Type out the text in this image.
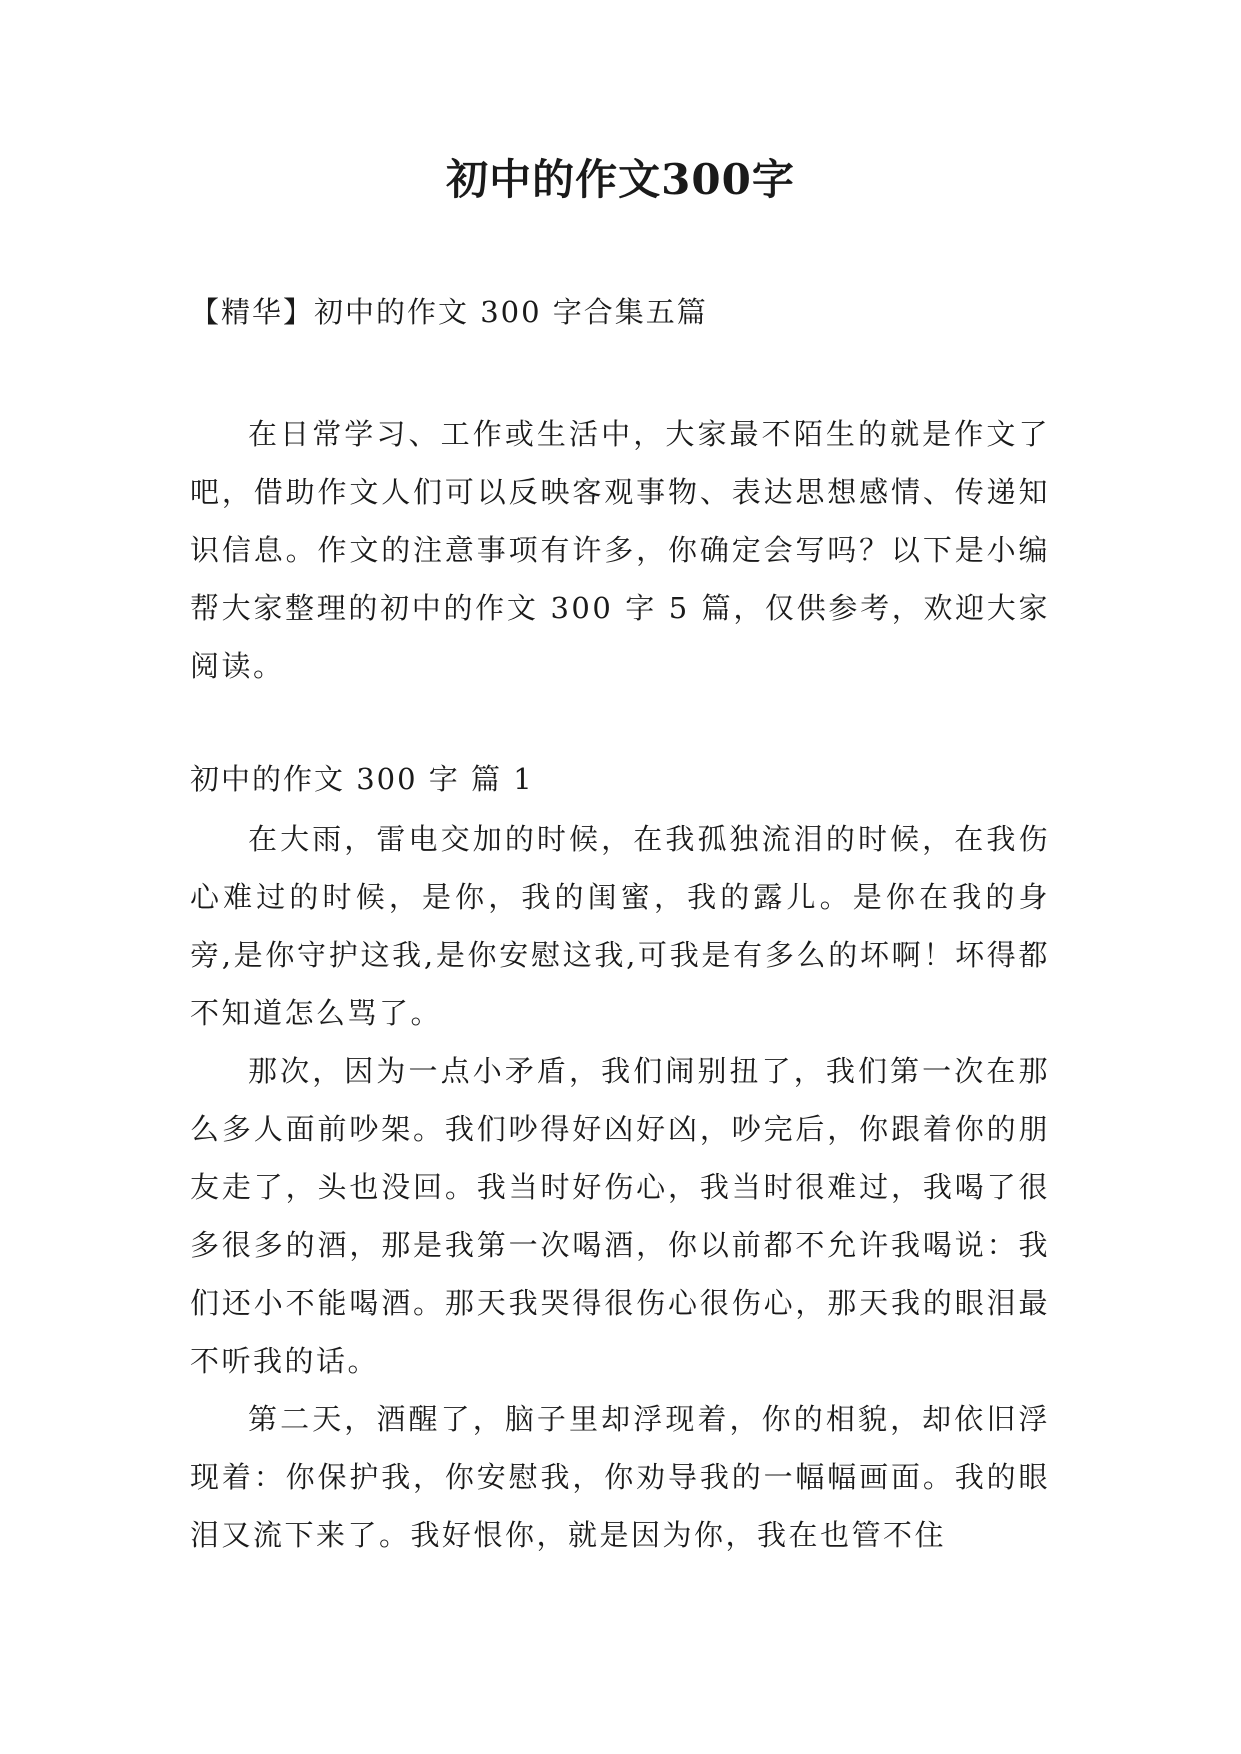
初中的作文300字
【精华】初中的作文 300 字合集五篇

在日常学习、工作或生活中，大家最不陌生的就是作文了吧，借助作文人们可以反映客观事物、表达思想感情、传递知识信息。作文的注意事项有许多，你确定会写吗？以下是小编帮大家整理的初中的作文 300 字 5 篇，仅供参考，欢迎大家阅读。

初中的作文 300 字 篇 1

在大雨，雷电交加的时候，在我孤独流泪的时候，在我伤心难过的时候，是你，我的闺蜜，我的露儿。是你在我的身旁,是你守护这我,是你安慰这我,可我是有多么的坏啊！坏得都不知道怎么骂了。

那次，因为一点小矛盾，我们闹别扭了，我们第一次在那么多人面前吵架。我们吵得好凶好凶，吵完后，你跟着你的朋友走了，头也没回。我当时好伤心，我当时很难过，我喝了很多很多的酒，那是我第一次喝酒，你以前都不允许我喝说：我们还小不能喝酒。那天我哭得很伤心很伤心，那天我的眼泪最不听我的话。

第二天，酒醒了，脑子里却浮现着，你的相貌，却依旧浮现着：你保护我，你安慰我，你劝导我的一幅幅画面。我的眼泪又流下来了。我好恨你，就是因为你，我在也管不住
